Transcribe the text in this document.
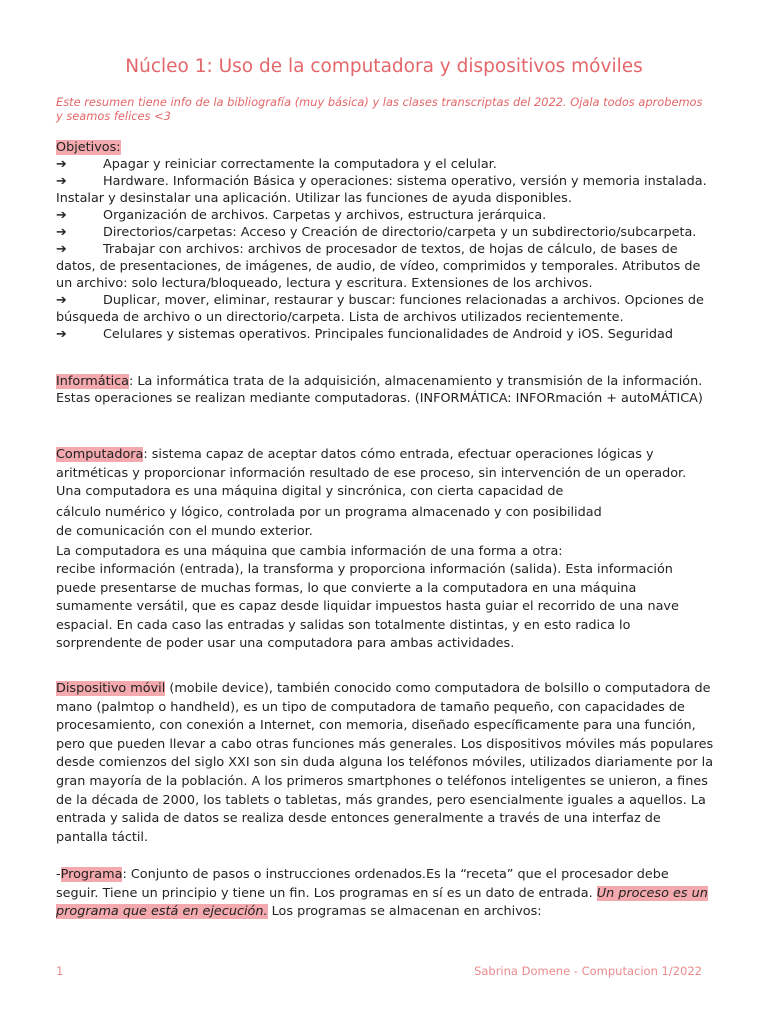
Núcleo 1: Uso de la computadora y dispositivos móviles

Este resumen tiene info de la bibliografía (muy básica) y las clases transcriptas del 2022. Ojala todos aprobemos y seamos felices <3

Objetivos:
➔	Apagar y reiniciar correctamente la computadora y el celular.
➔	Hardware. Información Básica y operaciones: sistema operativo, versión y memoria instalada. Instalar y desinstalar una aplicación. Utilizar las funciones de ayuda disponibles.
➔	Organización de archivos. Carpetas y archivos, estructura jerárquica.
➔	Directorios/carpetas: Acceso y Creación de directorio/carpeta y un subdirectorio/subcarpeta.
➔	Trabajar con archivos: archivos de procesador de textos, de hojas de cálculo, de bases de datos, de presentaciones, de imágenes, de audio, de vídeo, comprimidos y temporales. Atributos de un archivo: solo lectura/bloqueado, lectura y escritura. Extensiones de los archivos.
➔	Duplicar, mover, eliminar, restaurar y buscar: funciones relacionadas a archivos. Opciones de búsqueda de archivo o un directorio/carpeta. Lista de archivos utilizados recientemente.
➔	Celulares y sistemas operativos. Principales funcionalidades de Android y iOS. Seguridad

Informática: La informática trata de la adquisición, almacenamiento y transmisión de la información. Estas operaciones se realizan mediante computadoras. (INFORMÁTICA: INFORmación + autoMÁTICA)

Computadora: sistema capaz de aceptar datos cómo entrada, efectuar operaciones lógicas y aritméticas y proporcionar información resultado de ese proceso, sin intervención de un operador. Una computadora es una máquina digital y sincrónica, con cierta capacidad de
cálculo numérico y lógico, controlada por un programa almacenado y con posibilidad
de comunicación con el mundo exterior.
La computadora es una máquina que cambia información de una forma a otra:
recibe información (entrada), la transforma y proporciona información (salida). Esta información puede presentarse de muchas formas, lo que convierte a la computadora en una máquina sumamente versátil, que es capaz desde liquidar impuestos hasta guiar el recorrido de una nave espacial. En cada caso las entradas y salidas son totalmente distintas, y en esto radica lo sorprendente de poder usar una computadora para ambas actividades.

Dispositivo móvil (mobile device), también conocido como computadora de bolsillo o computadora de mano (palmtop o handheld), es un tipo de computadora de tamaño pequeño, con capacidades de procesamiento, con conexión a Internet, con memoria, diseñado específicamente para una función, pero que pueden llevar a cabo otras funciones más generales. Los dispositivos móviles más populares desde comienzos del siglo XXI son sin duda alguna los teléfonos móviles, utilizados diariamente por la gran mayoría de la población. A los primeros smartphones o teléfonos inteligentes se unieron, a fines de la década de 2000, los tablets o tabletas, más grandes, pero esencialmente iguales a aquellos. La entrada y salida de datos se realiza desde entonces generalmente a través de una interfaz de pantalla táctil.

-Programa: Conjunto de pasos o instrucciones ordenados.Es la “receta” que el procesador debe seguir. Tiene un principio y tiene un fin. Los programas en sí es un dato de entrada. Un proceso es un programa que está en ejecución. Los programas se almacenan en archivos:

1	Sabrina Domene - Computacion 1/2022
